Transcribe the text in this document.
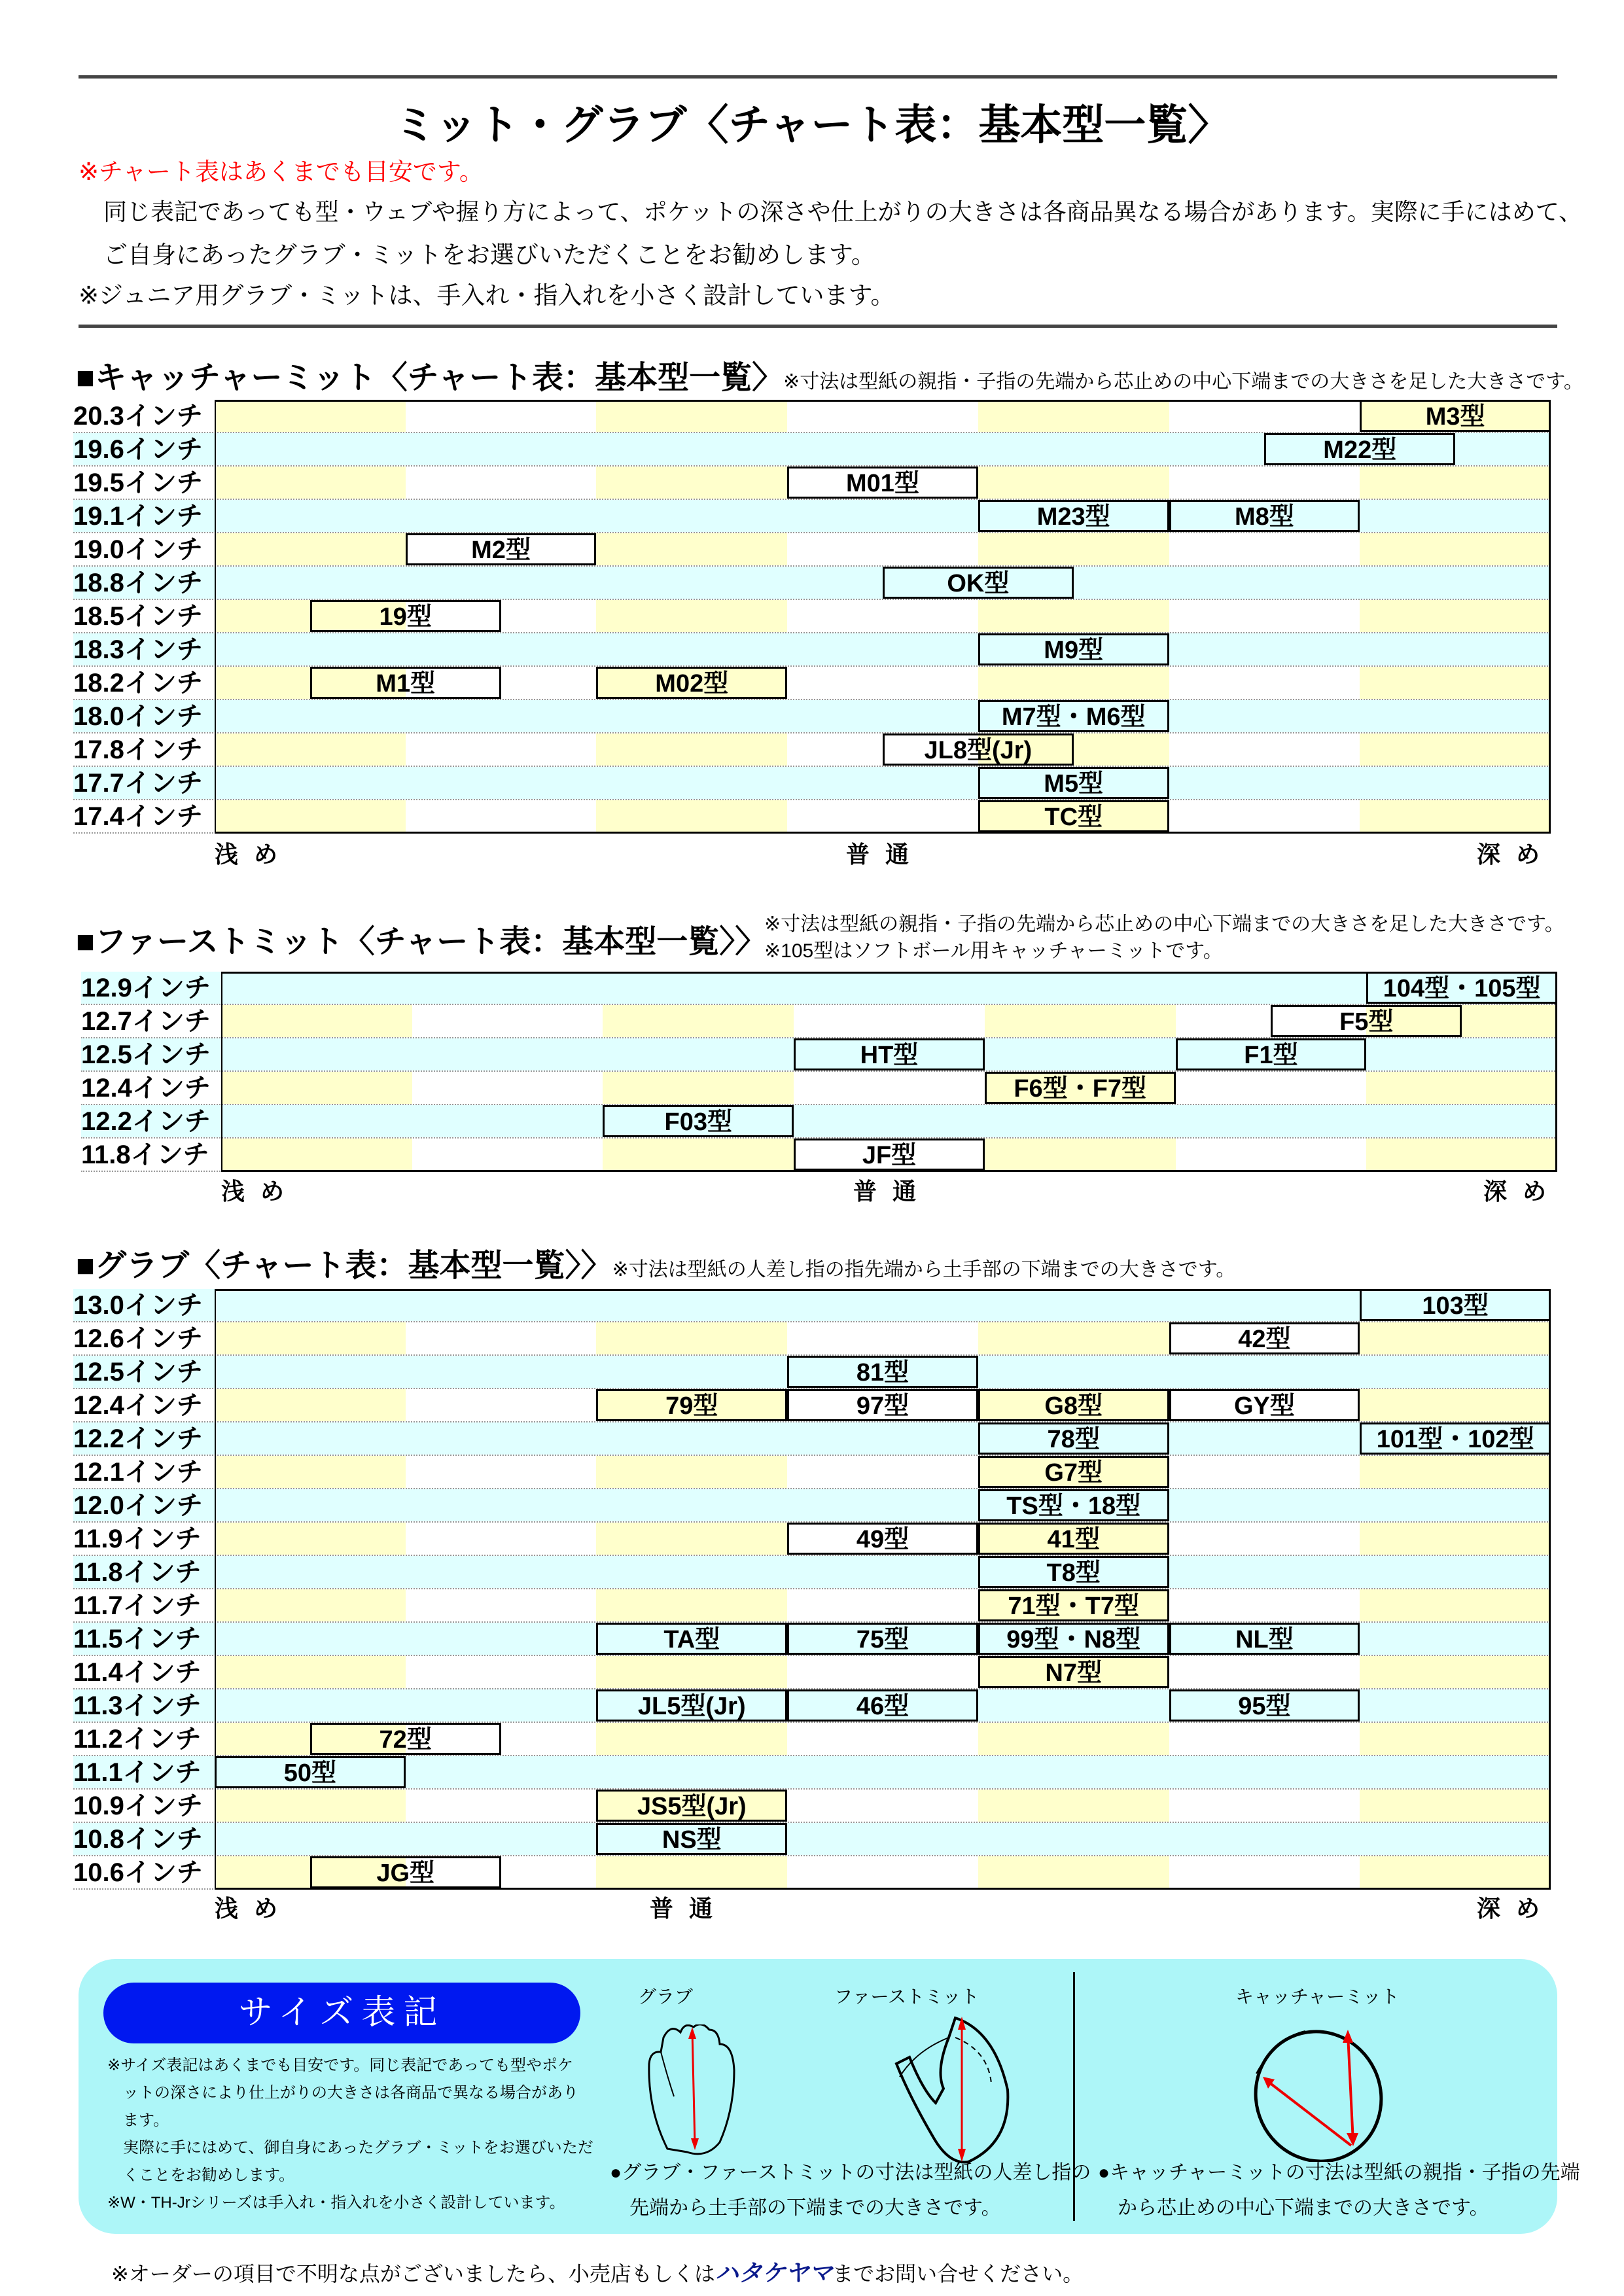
ミット・グラブ〈チャート表：基本型一覧〉
※チャート表はあくまでも目安です。
同じ表記であっても型・ウェブや握り方によって、ポケットの深さや仕上がりの大きさは各商品異なる場合があります。実際に手にはめて、
ご自身にあったグラブ・ミットをお選びいただくことをお勧めします。
※ジュニア用グラブ・ミットは、手入れ・指入れを小さく設計しています。
■キャッチャーミット〈チャート表：基本型一覧〉※寸法は型紙の親指・子指の先端から芯止めの中心下端までの大きさを足した大きさです。
20.3インチ	M3型
19.6インチ	M22型
19.5インチ	M01型
19.1インチ	M23型	M8型
19.0インチ	M2型
18.8インチ	OK型
18.5インチ	19型
18.3インチ	M9型
18.2インチ	M1型	M02型
18.0インチ	M7型・M6型
17.8インチ	JL8型(Jr)
17.7インチ	M5型
17.4インチ	TC型
浅め	普通	深め
■ファーストミット〈チャート表：基本型一覧〉〉
※寸法は型紙の親指・子指の先端から芯止めの中心下端までの大きさを足した大きさです。
※105型はソフトボール用キャッチャーミットです。
12.9インチ	104型・105型
12.7インチ	F5型
12.5インチ	HT型	F1型
12.4インチ	F6型・F7型
12.2インチ	F03型
11.8インチ	JF型
浅め	普通	深め
■グラブ〈チャート表：基本型一覧〉〉※寸法は型紙の人差し指の指先端から土手部の下端までの大きさです。
13.0インチ	103型
12.6インチ	42型
12.5インチ	81型
12.4インチ	79型	97型	G8型	GY型
12.2インチ	78型	101型・102型
12.1インチ	G7型
12.0インチ	TS型・18型
11.9インチ	49型	41型
11.8インチ	T8型
11.7インチ	71型・T7型
11.5インチ	TA型	75型	99型・N8型	NL型
11.4インチ	N7型
11.3インチ	JL5型(Jr)	46型	95型
11.2インチ	72型
11.1インチ	50型
10.9インチ	JS5型(Jr)
10.8インチ	NS型
10.6インチ	JG型
浅め	普通	深め
サイズ表記
※サイズ表記はあくまでも目安です。同じ表記であっても型やポケ
ットの深さにより仕上がりの大きさは各商品で異なる場合があり
ます。
実際に手にはめて、御自身にあったグラブ・ミットをお選びいただ
くことをお勧めします。
※W・TH-Jrシリーズは手入れ・指入れを小さく設計しています。
グラブ	ファーストミット	キャッチャーミット
●グラブ・ファーストミットの寸法は型紙の人差し指の
先端から土手部の下端までの大きさです。
●キャッチャーミットの寸法は型紙の親指・子指の先端
から芯止めの中心下端までの大きさです。
※オーダーの項目で不明な点がございましたら、小売店もしくはハタケヤマまでお問い合せください。
